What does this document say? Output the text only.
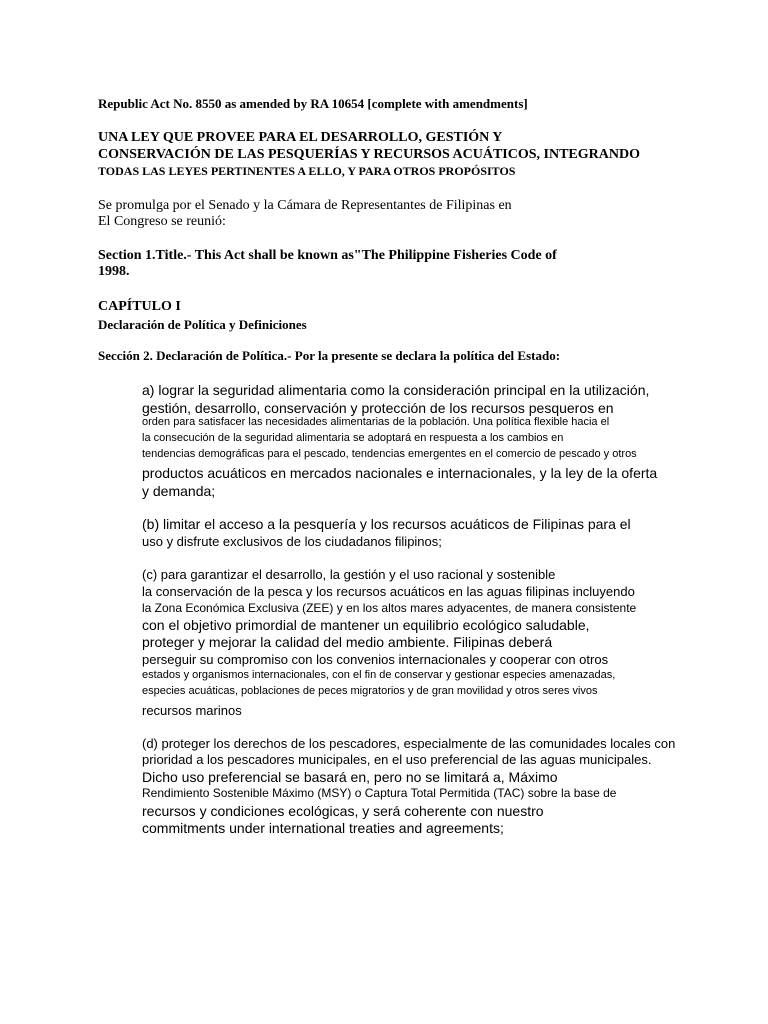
Republic Act No. 8550 as amended by RA 10654 [complete with amendments]

UNA LEY QUE PROVEE PARA EL DESARROLLO, GESTIÓN Y

CONSERVACIÓN DE LAS PESQUERÍAS Y RECURSOS ACUÁTICOS, INTEGRANDO

TODAS LAS LEYES PERTINENTES A ELLO, Y PARA OTROS PROPÓSITOS

Se promulga por el Senado y la Cámara de Representantes de Filipinas en

El Congreso se reunió:

Section 1.Title.- This Act shall be known as"The Philippine Fisheries Code of

1998.

CAPÍTULO I

Declaración de Política y Definiciones

Sección 2. Declaración de Política.- Por la presente se declara la política del Estado:

a) lograr la seguridad alimentaria como la consideración principal en la utilización,

gestión, desarrollo, conservación y protección de los recursos pesqueros en

orden para satisfacer las necesidades alimentarias de la población. Una política flexible hacia el

la consecución de la seguridad alimentaria se adoptará en respuesta a los cambios en

tendencias demográficas para el pescado, tendencias emergentes en el comercio de pescado y otros

productos acuáticos en mercados nacionales e internacionales, y la ley de la oferta

y demanda;

(b) limitar el acceso a la pesquería y los recursos acuáticos de Filipinas para el

uso y disfrute exclusivos de los ciudadanos filipinos;

(c) para garantizar el desarrollo, la gestión y el uso racional y sostenible

la conservación de la pesca y los recursos acuáticos en las aguas filipinas incluyendo

la Zona Económica Exclusiva (ZEE) y en los altos mares adyacentes, de manera consistente

con el objetivo primordial de mantener un equilibrio ecológico saludable,

proteger y mejorar la calidad del medio ambiente. Filipinas deberá

perseguir su compromiso con los convenios internacionales y cooperar con otros

estados y organismos internacionales, con el fin de conservar y gestionar especies amenazadas,

especies acuáticas, poblaciones de peces migratorios y de gran movilidad y otros seres vivos

recursos marinos

(d) proteger los derechos de los pescadores, especialmente de las comunidades locales con

prioridad a los pescadores municipales, en el uso preferencial de las aguas municipales.

Dicho uso preferencial se basará en, pero no se limitará a, Máximo

Rendimiento Sostenible Máximo (MSY) o Captura Total Permitida (TAC) sobre la base de

recursos y condiciones ecológicas, y será coherente con nuestro

commitments under international treaties and agreements;
